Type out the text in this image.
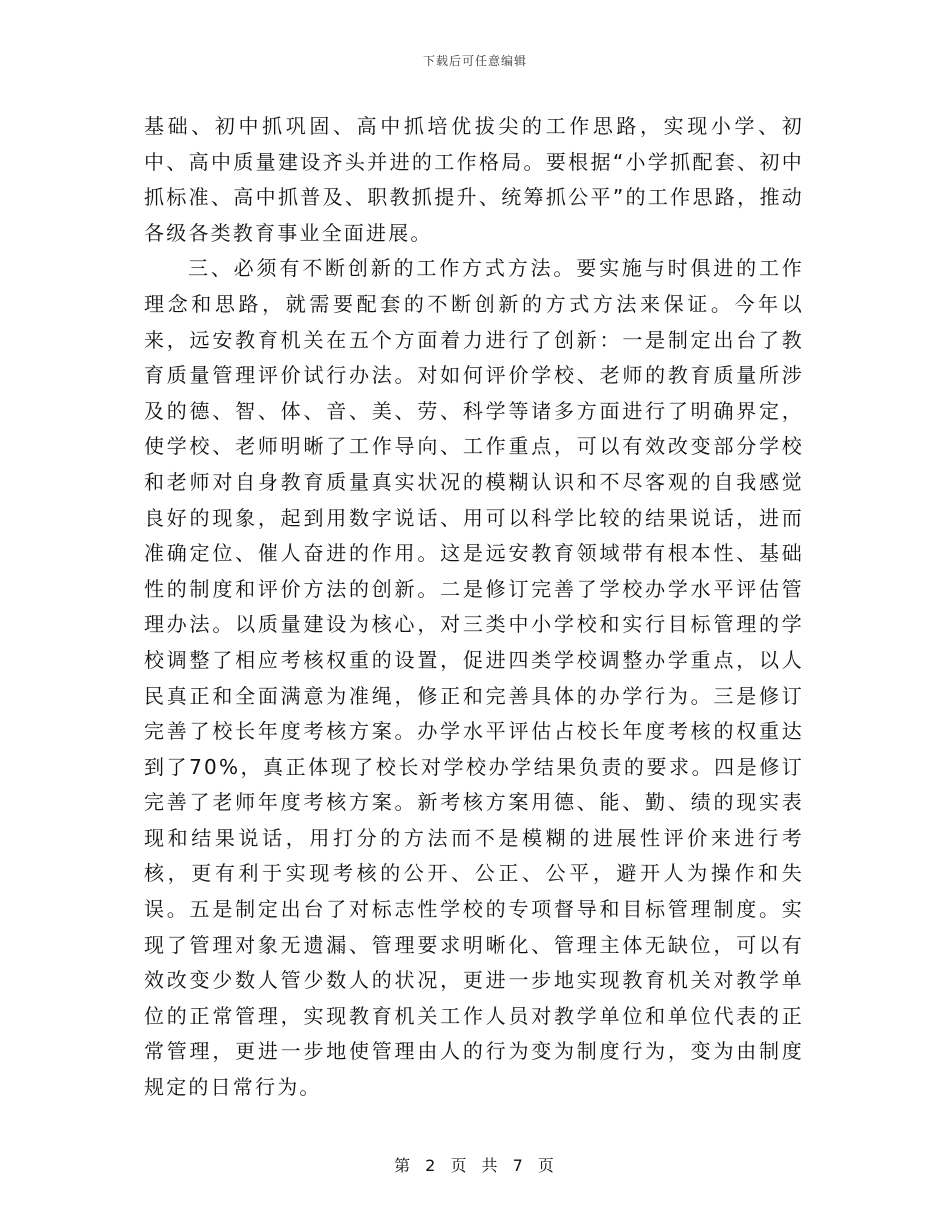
下载后可任意编辑

基础、初中抓巩固、高中抓培优拔尖的工作思路，实现小学、初中、高中质量建设齐头并进的工作格局。要根据“小学抓配套、初中抓标准、高中抓普及、职教抓提升、统筹抓公平”的工作思路，推动各级各类教育事业全面进展。

三、必须有不断创新的工作方式方法。要实施与时俱进的工作理念和思路，就需要配套的不断创新的方式方法来保证。今年以来，远安教育机关在五个方面着力进行了创新：一是制定出台了教育质量管理评价试行办法。对如何评价学校、老师的教育质量所涉及的德、智、体、音、美、劳、科学等诸多方面进行了明确界定，使学校、老师明晰了工作导向、工作重点，可以有效改变部分学校和老师对自身教育质量真实状况的模糊认识和不尽客观的自我感觉良好的现象，起到用数字说话、用可以科学比较的结果说话，进而准确定位、催人奋进的作用。这是远安教育领域带有根本性、基础性的制度和评价方法的创新。二是修订完善了学校办学水平评估管理办法。以质量建设为核心，对三类中小学校和实行目标管理的学校调整了相应考核权重的设置，促进四类学校调整办学重点，以人民真正和全面满意为准绳，修正和完善具体的办学行为。三是修订完善了校长年度考核方案。办学水平评估占校长年度考核的权重达到了70%，真正体现了校长对学校办学结果负责的要求。四是修订完善了老师年度考核方案。新考核方案用德、能、勤、绩的现实表现和结果说话，用打分的方法而不是模糊的进展性评价来进行考核，更有利于实现考核的公开、公正、公平，避开人为操作和失误。五是制定出台了对标志性学校的专项督导和目标管理制度。实现了管理对象无遗漏、管理要求明晰化、管理主体无缺位，可以有效改变少数人管少数人的状况，更进一步地实现教育机关对教学单位的正常管理，实现教育机关工作人员对教学单位和单位代表的正常管理，更进一步地使管理由人的行为变为制度行为，变为由制度规定的日常行为。

第 2 页 共 7 页
